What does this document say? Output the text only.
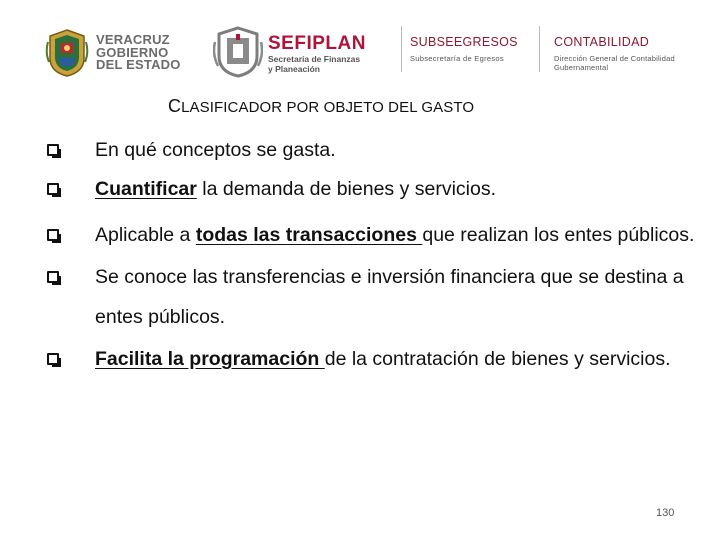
VERACRUZ
GOBIERNO
DEL ESTADO
SEFIPLAN
Secretaría de Finanzas
y Planeación
SUBSEEGRESOS
Subsecretaría de Egresos
CONTABILIDAD
Dirección General de Contabilidad Gubernamental
CLASIFICADOR POR OBJETO DEL GASTO
En qué conceptos se gasta.
Cuantificar la demanda de bienes y servicios.
Aplicable a todas las transacciones que realizan los entes públicos.
Se conoce las transferencias e inversión financiera que se destina a
entes públicos.
Facilita la programación de la contratación de bienes y servicios.
130
